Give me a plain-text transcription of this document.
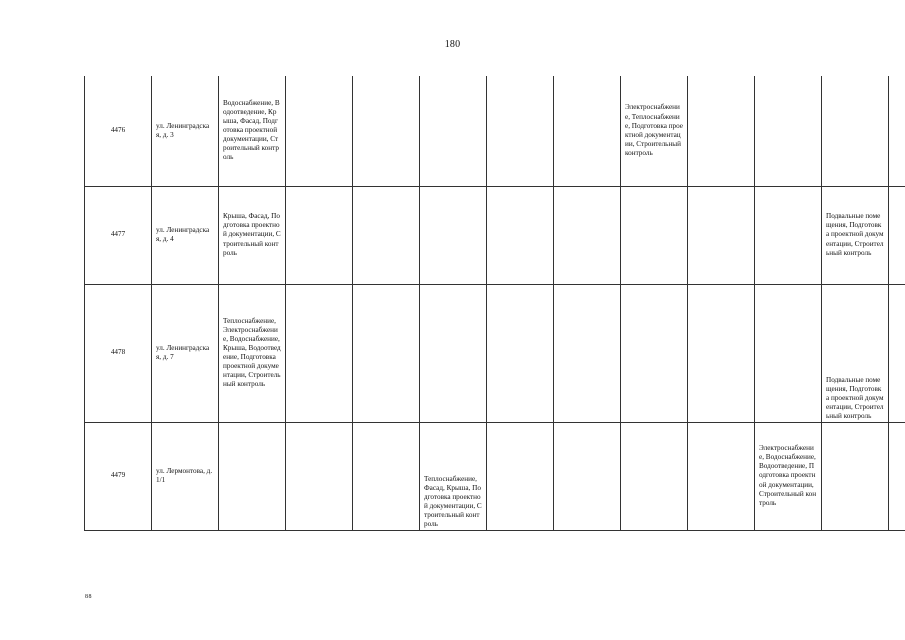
180
4476	ул. Ленинградская, д. 3	Водоснабжение, Водоотведение, Крыша, Фасад, Подготовка проектной документации, Строительный контроль						Электроснабжение, Теплоснабжение, Подготовка проектной документации, Строительный контроль				
4477	ул. Ленинградская, д. 4	Крыша, Фасад, Подготовка проектной документации, Строительный контроль									Подвальные помещения, Подготовка проектной документации, Строительный контроль	
4478	ул. Ленинградская, д. 7	Теплоснабжение, Электроснабжение, Водоснабжение, Крыша, Водоотведение, Подготовка проектной документации, Строительный контроль									Подвальные помещения, Подготовка проектной документации, Строительный контроль	
4479	ул. Лермонтова, д. 1/1				Теплоснабжение, Фасад, Крыша, Подготовка проектной документации, Строительный контроль					Электроснабжение, Водоснабжение, Водоотведение, Подготовка проектной документации, Строительный контроль		
88
